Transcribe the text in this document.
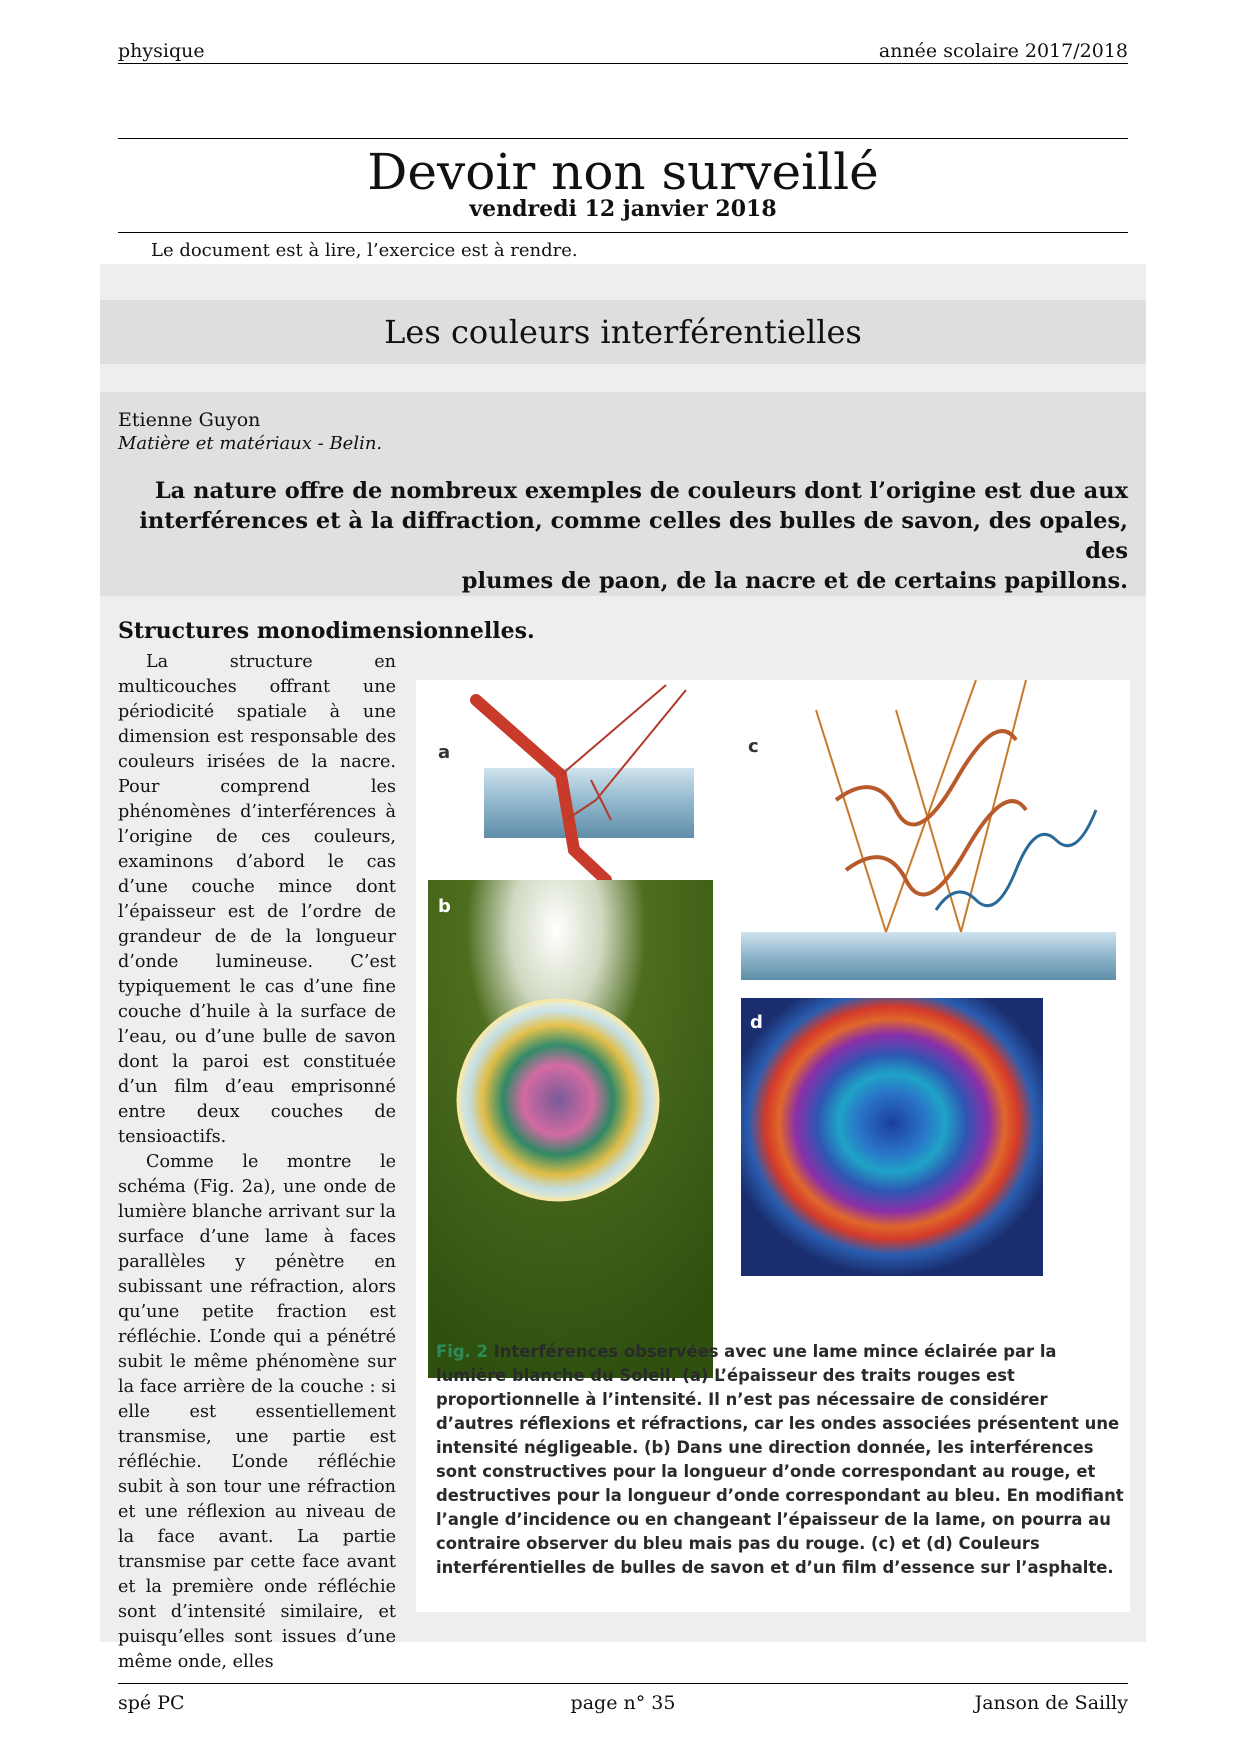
physique	année scolaire 2017/2018
Devoir non surveillé
vendredi 12 janvier 2018
Le document est à lire, l’exercice est à rendre.
Les couleurs interférentielles
Etienne Guyon
Matière et matériaux - Belin.
La nature offre de nombreux exemples de couleurs dont l’origine est due aux
interférences et à la diffraction, comme celles des bulles de savon, des opales, des
plumes de paon, de la nacre et de certains papillons.
Structures monodimensionnelles.

La structure en multicouches offrant une périodicité spatiale à une dimension est responsable des couleurs irisées de la nacre. Pour comprend les phénomènes d’interférences à l’origine de ces couleurs, examinons d’abord le cas d’une couche mince dont l’épaisseur est de l’ordre de grandeur de de la longueur d’onde lumineuse. C’est typiquement le cas d’une fine couche d’huile à la surface de l’eau, ou d’une bulle de savon dont la paroi est constituée d’un film d’eau emprisonné entre deux couches de tensioactifs.

Comme le montre le schéma (Fig. 2a), une onde de lumière blanche arrivant sur la surface d’une lame à faces parallèles y pénètre en subissant une réfraction, alors qu’une petite fraction est réfléchie. L’onde qui a pénétré subit le même phénomène sur la face arrière de la couche : si elle est essentiellement transmise, une partie est réfléchie. L’onde réfléchie subit à son tour une réfraction et une réflexion au niveau de la face avant. La partie transmise par cette face avant et la première onde réfléchie sont d’intensité similaire, et puisqu’elles sont issues d’une même onde, elles

a
b
c
d
Fig. 2 Interférences observées avec une lame mince éclairée par la lumière blanche du Soleil. (a) L’épaisseur des traits rouges est proportionnelle à l’intensité. Il n’est pas nécessaire de considérer d’autres réflexions et réfractions, car les ondes associées présentent une intensité négligeable. (b) Dans une direction donnée, les interférences sont constructives pour la longueur d’onde correspondant au rouge, et destructives pour la longueur d’onde correspondant au bleu. En modifiant l’angle d’incidence ou en changeant l’épaisseur de la lame, on pourra au contraire observer du bleu mais pas du rouge. (c) et (d) Couleurs interférentielles de bulles de savon et d’un film d’essence sur l’asphalte.
spé PC	page n° 35	Janson de Sailly
